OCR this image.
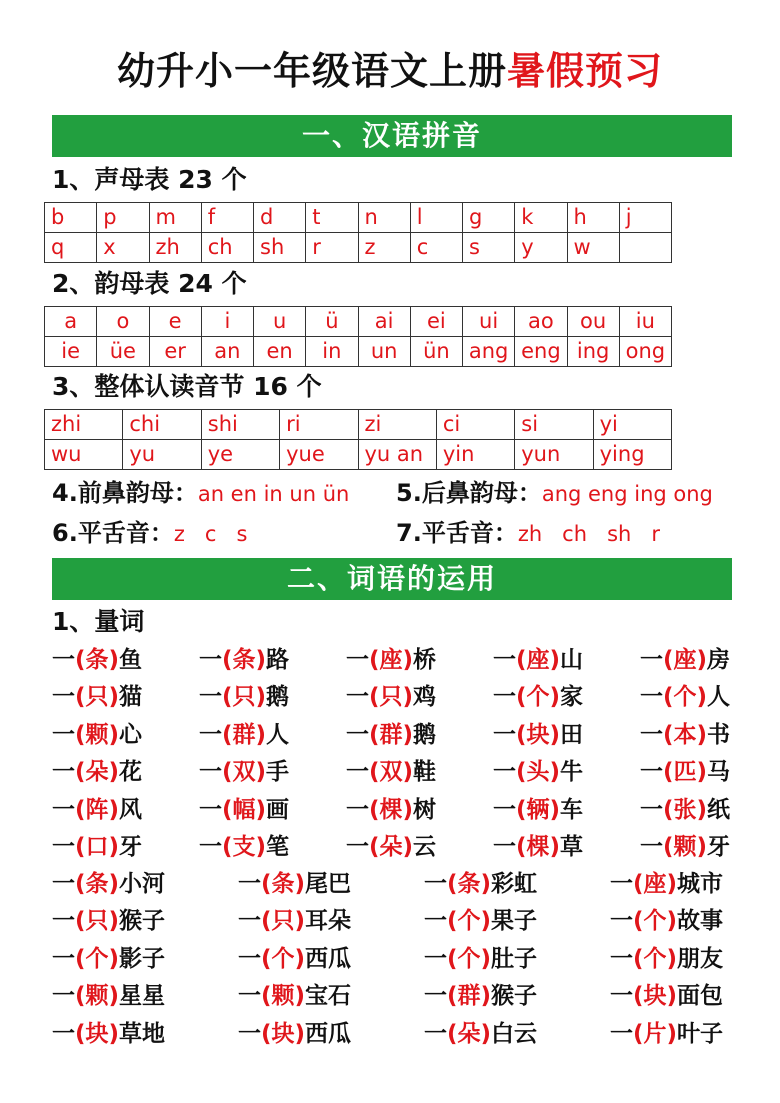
幼升小一年级语文上册暑假预习
一、汉语拼音
1、声母表 23 个
b	p	m	f	d	t	n	l	g	k	h	j
q	x	zh	ch	sh	r	z	c	s	y	w	
2、韵母表 24 个
a	o	e	i	u	ü	ai	ei	ui	ao	ou	iu
ie	üe	er	an	en	in	un	ün	ang	eng	ing	ong
3、整体认读音节 16 个
zhi	chi	shi	ri	zi	ci	si	yi
wu	yu	ye	yue	yu an	yin	yun	ying
4.前鼻韵母：an en in un ün 5.后鼻韵母：ang eng ing ong
6.平舌音：z   c   s	7.平舌音：zh   ch   sh   r
二、词语的运用
1、量词
一(条)鱼 一(条)路 一(座)桥 一(座)山 一(座)房
一(只)猫 一(只)鹅 一(只)鸡 一(个)家 一(个)人
一(颗)心 一(群)人 一(群)鹅 一(块)田 一(本)书
一(朵)花 一(双)手 一(双)鞋 一(头)牛 一(匹)马
一(阵)风 一(幅)画 一(棵)树 一(辆)车 一(张)纸
一(口)牙 一(支)笔 一(朵)云 一(棵)草 一(颗)牙
一(条)小河	一(条)尾巴	一(条)彩虹	一(座)城市
一(只)猴子	一(只)耳朵	一(个)果子	一(个)故事
一(个)影子	一(个)西瓜	一(个)肚子	一(个)朋友
一(颗)星星	一(颗)宝石	一(群)猴子	一(块)面包
一(块)草地	一(块)西瓜	一(朵)白云	一(片)叶子
